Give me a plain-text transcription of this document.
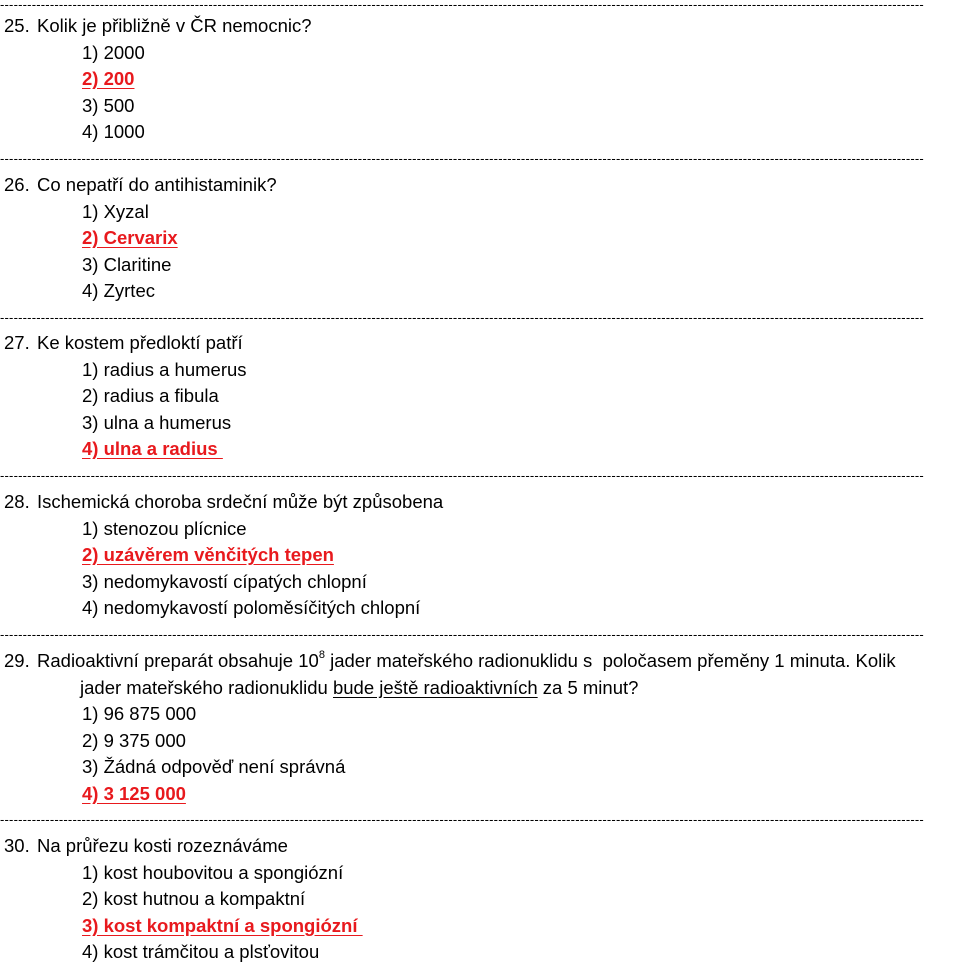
------------------------------------------------------------------------------------------------------------------------------------------------------------------------------------------------------------
------------------------------------------------------------------------------------------------------------------------------------------------------------------------------------------------------------
------------------------------------------------------------------------------------------------------------------------------------------------------------------------------------------------------------
------------------------------------------------------------------------------------------------------------------------------------------------------------------------------------------------------------
------------------------------------------------------------------------------------------------------------------------------------------------------------------------------------------------------------
------------------------------------------------------------------------------------------------------------------------------------------------------------------------------------------------------------
25. Kolik je přibližně v ČR nemocnic?
1) 2000
2) 200
3) 500
4) 1000
26. Co nepatří do antihistaminik?
1) Xyzal
2) Cervarix
3) Claritine
4) Zyrtec
27. Ke kostem předloktí patří
1) radius a humerus
2) radius a fibula
3) ulna a humerus
4) ulna a radius
28. Ischemická choroba srdeční může být způsobena
1) stenozou plícnice
2) uzávěrem věnčitých tepen
3) nedomykavostí cípatých chlopní
4) nedomykavostí poloměsíčitých chlopní
29. Radioaktivní preparát obsahuje $10^8$ jader mateřského radionuklidu s  poločasem přeměny 1 minuta. Kolik
jader mateřského radionuklidu bude ještě radioaktivních za 5 minut?
1) 96 875 000
2) 9 375 000
3) Žádná odpověď není správná
4) 3 125 000
30. Na průřezu kosti rozeznáváme
1) kost houbovitou a spongiózní
2) kost hutnou a kompaktní
3) kost kompaktní a spongiózní
4) kost trámčitou a plsťovitou
